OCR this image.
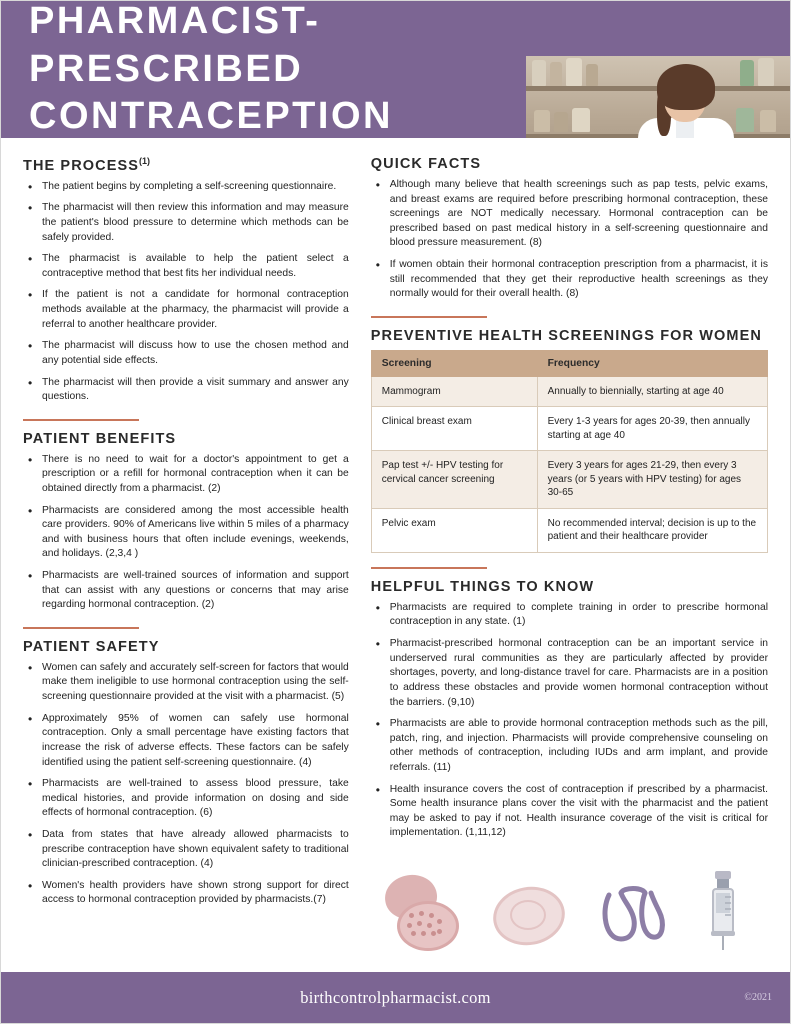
PHARMACIST-PRESCRIBED CONTRACEPTION
THE PROCESS$^{(1)}$
• The patient begins by completing a self-screening questionnaire.
• The pharmacist will then review this information and may measure the patient's blood pressure to determine which methods can be safely provided.
• The pharmacist is available to help the patient select a contraceptive method that best fits her individual needs.
• If the patient is not a candidate for hormonal contraception methods available at the pharmacy, the pharmacist will provide a referral to another healthcare provider.
• The pharmacist will discuss how to use the chosen method and any potential side effects.
• The pharmacist will then provide a visit summary and answer any questions.
PATIENT BENEFITS
• There is no need to wait for a doctor's appointment to get a prescription or a refill for hormonal contraception when it can be obtained directly from a pharmacist. (2)
• Pharmacists are considered among the most accessible health care providers. 90% of Americans live within 5 miles of a pharmacy and with business hours that often include evenings, weekends, and holidays. (2,3,4 )
• Pharmacists are well-trained sources of information and support that can assist with any questions or concerns that may arise regarding hormonal contraception. (2)
PATIENT SAFETY
• Women can safely and accurately self-screen for factors that would make them ineligible to use hormonal contraception using the self-screening questionnaire provided at the visit with a pharmacist. (5)
• Approximately 95% of women can safely use hormonal contraception. Only a small percentage have existing factors that increase the risk of adverse effects. These factors can be safely identified using the patient self-screening questionnaire. (4)
• Pharmacists are well-trained to assess blood pressure, take medical histories, and provide information on dosing and side effects of hormonal contraception. (6)
• Data from states that have already allowed pharmacists to prescribe contraception have shown equivalent safety to traditional clinician-prescribed contraception. (4)
• Women's health providers have shown strong support for direct access to hormonal contraception provided by pharmacists.(7)
QUICK FACTS
• Although many believe that health screenings such as pap tests, pelvic exams, and breast exams are required before prescribing hormonal contraception, these screenings are NOT medically necessary. Hormonal contraception can be prescribed based on past medical history in a self-screening questionnaire and blood pressure measurement. (8)
• If women obtain their hormonal contraception prescription from a pharmacist, it is still recommended that they get their reproductive health screenings as they normally would for their overall health. (8)
PREVENTIVE HEALTH SCREENINGS FOR WOMEN
Screening	Frequency
Mammogram	Annually to biennially, starting at age 40
Clinical breast exam	Every 1-3 years for ages 20-39, then annually starting at age 40
Pap test +/- HPV testing for cervical cancer screening	Every 3 years for ages 21-29, then every 3 years (or 5 years with HPV testing) for ages 30-65
Pelvic exam	No recommended interval; decision is up to the patient and their healthcare provider
HELPFUL THINGS TO KNOW
• Pharmacists are required to complete training in order to prescribe hormonal contraception in any state. (1)
• Pharmacist-prescribed hormonal contraception can be an important service in underserved rural communities as they are particularly affected by provider shortages, poverty, and long-distance travel for care. Pharmacists are in a position to address these obstacles and provide women hormonal contraception without the barriers. (9,10)
• Pharmacists are able to provide hormonal contraception methods such as the pill, patch, ring, and injection. Pharmacists will provide comprehensive counseling on other methods of contraception, including IUDs and arm implant, and provide referrals. (11)
• Health insurance covers the cost of contraception if prescribed by a pharmacist. Some health insurance plans cover the visit with the pharmacist and the patient may be asked to pay if not. Health insurance coverage of the visit is critical for implementation. (1,11,12)
birthcontrolpharmacist.com	©2021
